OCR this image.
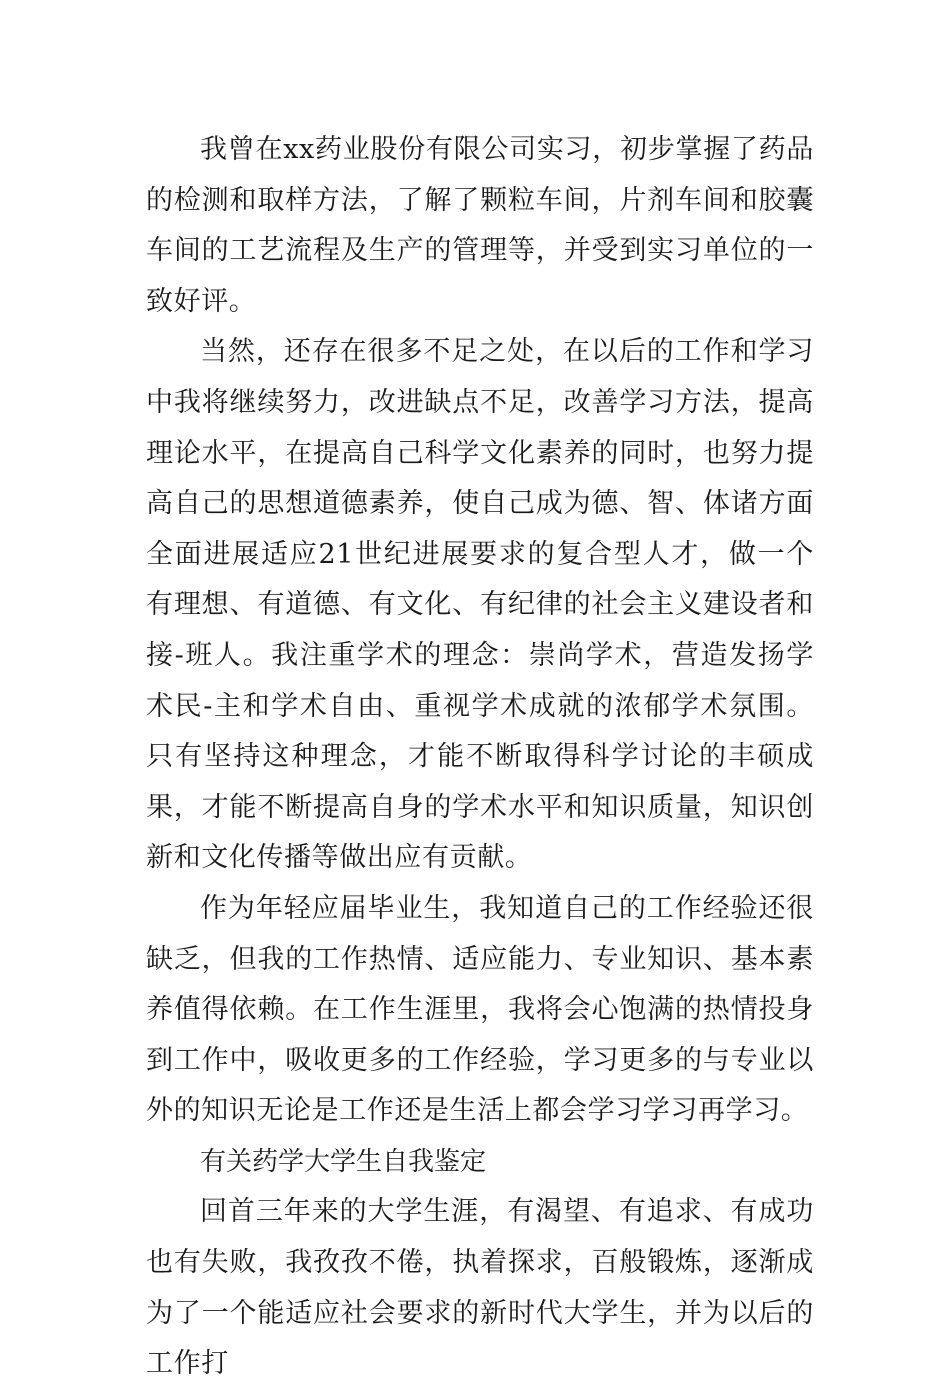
我曾在xx药业股份有限公司实习，初步掌握了药品的检测和取样方法，了解了颗粒车间，片剂车间和胶囊车间的工艺流程及生产的管理等，并受到实习单位的一致好评。

当然，还存在很多不足之处，在以后的工作和学习中我将继续努力，改进缺点不足，改善学习方法，提高理论水平，在提高自己科学文化素养的同时，也努力提高自己的思想道德素养，使自己成为德、智、体诸方面全面进展适应21世纪进展要求的复合型人才，做一个有理想、有道德、有文化、有纪律的社会主义建设者和接-班人。我注重学术的理念：崇尚学术，营造发扬学术民-主和学术自由、重视学术成就的浓郁学术氛围。只有坚持这种理念，才能不断取得科学讨论的丰硕成果，才能不断提高自身的学术水平和知识质量，知识创新和文化传播等做出应有贡献。

作为年轻应届毕业生，我知道自己的工作经验还很缺乏，但我的工作热情、适应能力、专业知识、基本素养值得依赖。在工作生涯里，我将会心饱满的热情投身到工作中，吸收更多的工作经验，学习更多的与专业以外的知识无论是工作还是生活上都会学习学习再学习。

有关药学大学生自我鉴定

回首三年来的大学生涯，有渴望、有追求、有成功也有失败，我孜孜不倦，执着探求，百般锻炼，逐渐成为了一个能适应社会要求的新时代大学生，并为以后的工作打
